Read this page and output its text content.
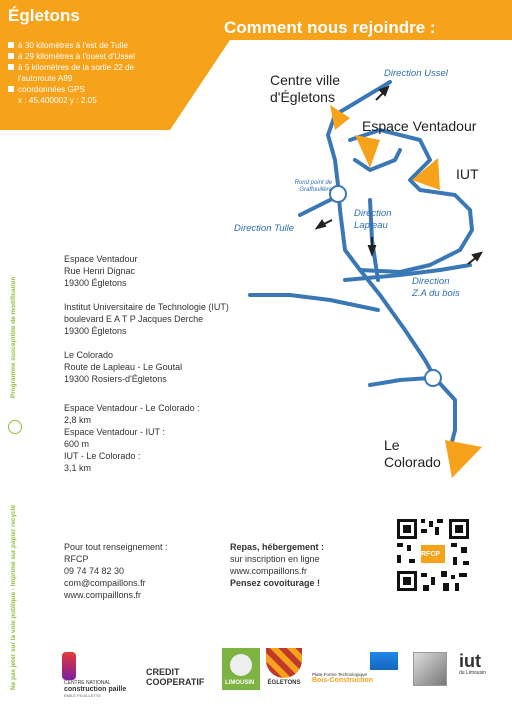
Égletons
à 30 kilomètres à l'est de Tulle
à 29 kilomètres à l'ouest d'Ussel
à 5 kilomètres de la sortie 22 de
l'autoroute A89
coordonnées GPS
x : 45.400002 y : 2.05
Comment nous rejoindre :
Centre ville
d'Égletons
Espace Ventadour
IUT
Le
Colorado
Direction Ussel
Direction Tulle
Direction
Lapleau
Direction
Z.A du bois
Rond point de
Graffouillère
Espace Ventadour
Rue Henri Dignac
19300 Égletons
Institut Universitaire de Technologie (IUT)
boulevard E A T P Jacques Derche
19300 Égletons
Le Colorado
Route de Lapleau - Le Goutal
19300 Rosiers-d'Égletons
Espace Ventadour - Le Colorado :
2,8 km
Espace Ventadour - IUT :
600 m
IUT - Le Colorado :
3,1 km
Pour tout renseignement :
RFCP
09 74 74 82 30
com@compaillons.fr
www.compaillons.fr
Repas, hébergement :
sur inscription en ligne
www.compaillons.fr
Pensez covoiturage !
RFCP
Programme susceptible de modification
Ne pas jeter sur la voie publique - Imprimé sur papier recyclé
	CENTRE NATIONAL
construction paille
ÉMILE FEUILLETTE
CREDIT
COOPERATIF	LIMOUSIN ÉGLETONS
Plate-Forme Technologique
Bois-Construction
iut
du Limousin
